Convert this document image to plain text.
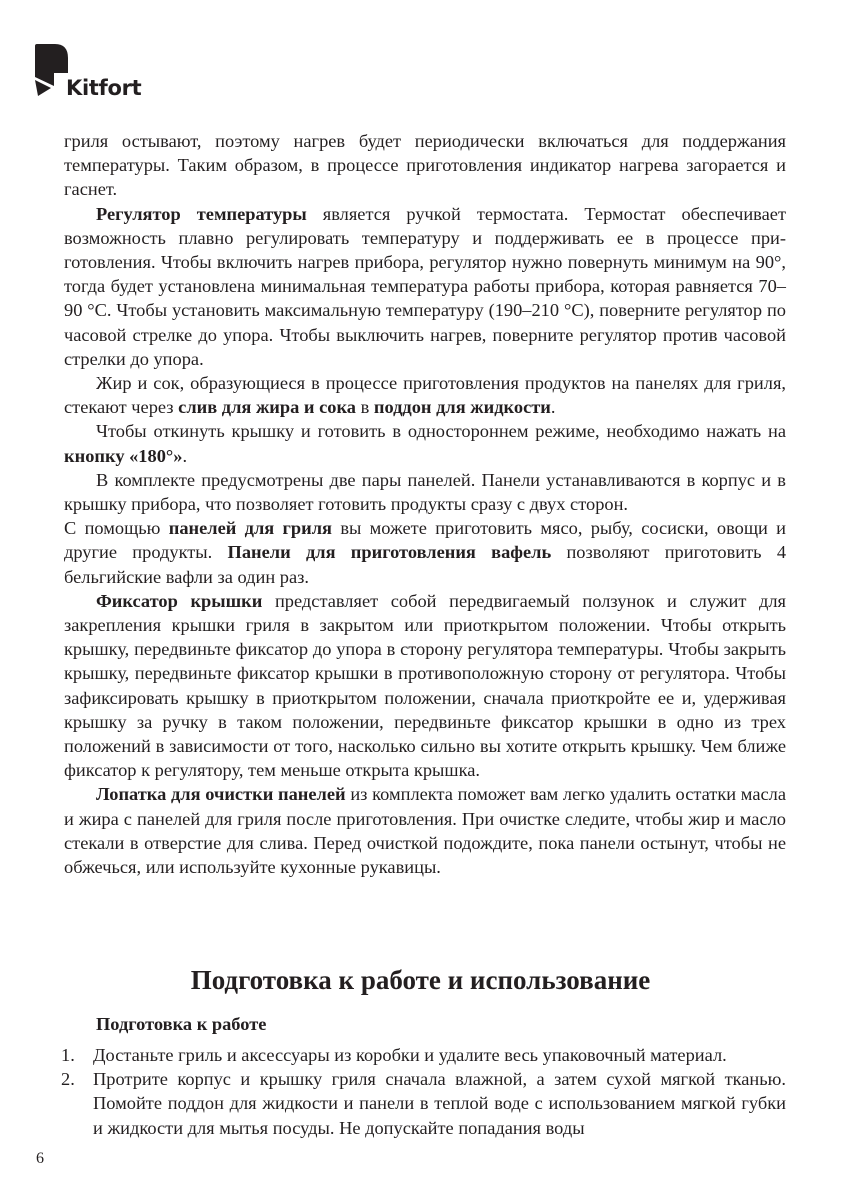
Kitfort

гриля остывают, поэтому нагрев будет периодически включаться для поддержания температуры. Таким образом, в процессе приготовления индикатор нагрева загорается и гаснет.

Регулятор температуры является ручкой термостата. Термостат обеспечивает возможность плавно регулировать температуру и поддерживать ее в процессе приготовления. Чтобы включить нагрев прибора, регулятор нужно повернуть минимум на 90°, тогда будет установлена минимальная температура работы прибора, которая равняется 70–90 °С. Чтобы установить максимальную температуру (190–210 °С), поверните регулятор по часовой стрелке до упора. Чтобы выключить нагрев, поверните регулятор против часовой стрелки до упора.

Жир и сок, образующиеся в процессе приготовления продуктов на панелях для гриля, стекают через слив для жира и сока в поддон для жидкости.

Чтобы откинуть крышку и готовить в одностороннем режиме, необходимо нажать на кнопку «180°».

В комплекте предусмотрены две пары панелей. Панели устанавливаются в корпус и в крышку прибора, что позволяет готовить продукты сразу с двух сторон.

С помощью панелей для гриля вы можете приготовить мясо, рыбу, сосиски, овощи и другие продукты. Панели для приготовления вафель позволяют приготовить 4 бельгийские вафли за один раз.

Фиксатор крышки представляет собой передвигаемый ползунок и служит для закрепления крышки гриля в закрытом или приоткрытом положении. Чтобы открыть крышку, передвиньте фиксатор до упора в сторону регулятора температуры. Чтобы закрыть крышку, передвиньте фиксатор крышки в противоположную сторону от регулятора. Чтобы зафиксировать крышку в приоткрытом положении, сначала приоткройте ее и, удерживая крышку за ручку в таком положении, передвиньте фиксатор крышки в одно из трех положений в зависимости от того, насколько сильно вы хотите открыть крышку. Чем ближе фиксатор к регулятору, тем меньше открыта крышка.

Лопатка для очистки панелей из комплекта поможет вам легко удалить остатки масла и жира с панелей для гриля после приготовления. При очистке следите, чтобы жир и масло стекали в отверстие для слива. Перед очисткой подождите, пока панели остынут, чтобы не обжечься, или используйте кухонные рукавицы.

Подготовка к работе и использование
Подготовка к работе

1. Достаньте гриль и аксессуары из коробки и удалите весь упаковочный материал.

2. Протрите корпус и крышку гриля сначала влажной, а затем сухой мягкой тканью. Помойте поддон для жидкости и панели в теплой воде с использованием мягкой губки и жидкости для мытья посуды. Не допускайте попадания воды

6
